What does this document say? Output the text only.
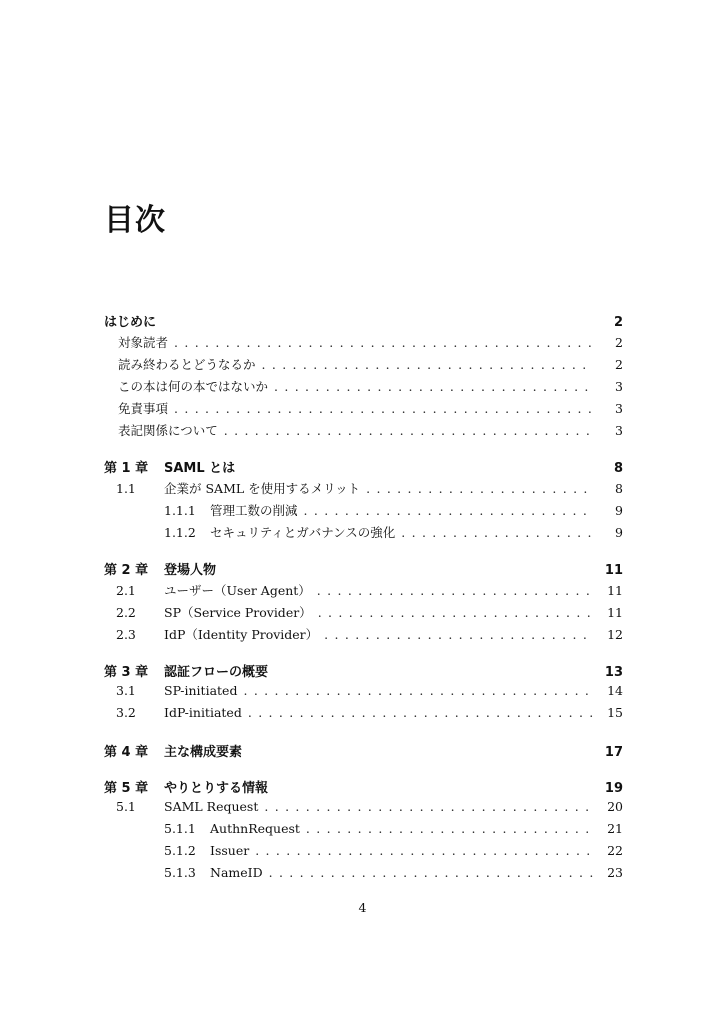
目次
はじめに	2
対象読者 . . .	2
読み終わるとどうなるか . . .	2
この本は何の本ではないか . . .	3
免責事項 . . .	3
表記関係について . . .	3
第 1 章	SAML とは	8
1.1	企業が SAML を使用するメリット . . .	8
1.1.1	管理工数の削減 . . .	9
1.1.2	セキュリティとガバナンスの強化 . . .	9
第 2 章	登場人物	11
2.1	ユーザー（User Agent） . . .	11
2.2	SP（Service Provider） . . .	11
2.3	IdP（Identity Provider） . . .	12
第 3 章	認証フローの概要	13
3.1	SP-initiated . . .	14
3.2	IdP-initiated . . .	15
第 4 章	主な構成要素	17
第 5 章	やりとりする情報	19
5.1	SAML Request . . .	20
5.1.1	AuthnRequest . . .	21
5.1.2	Issuer . . .	22
5.1.3	NameID . . .	23
4
